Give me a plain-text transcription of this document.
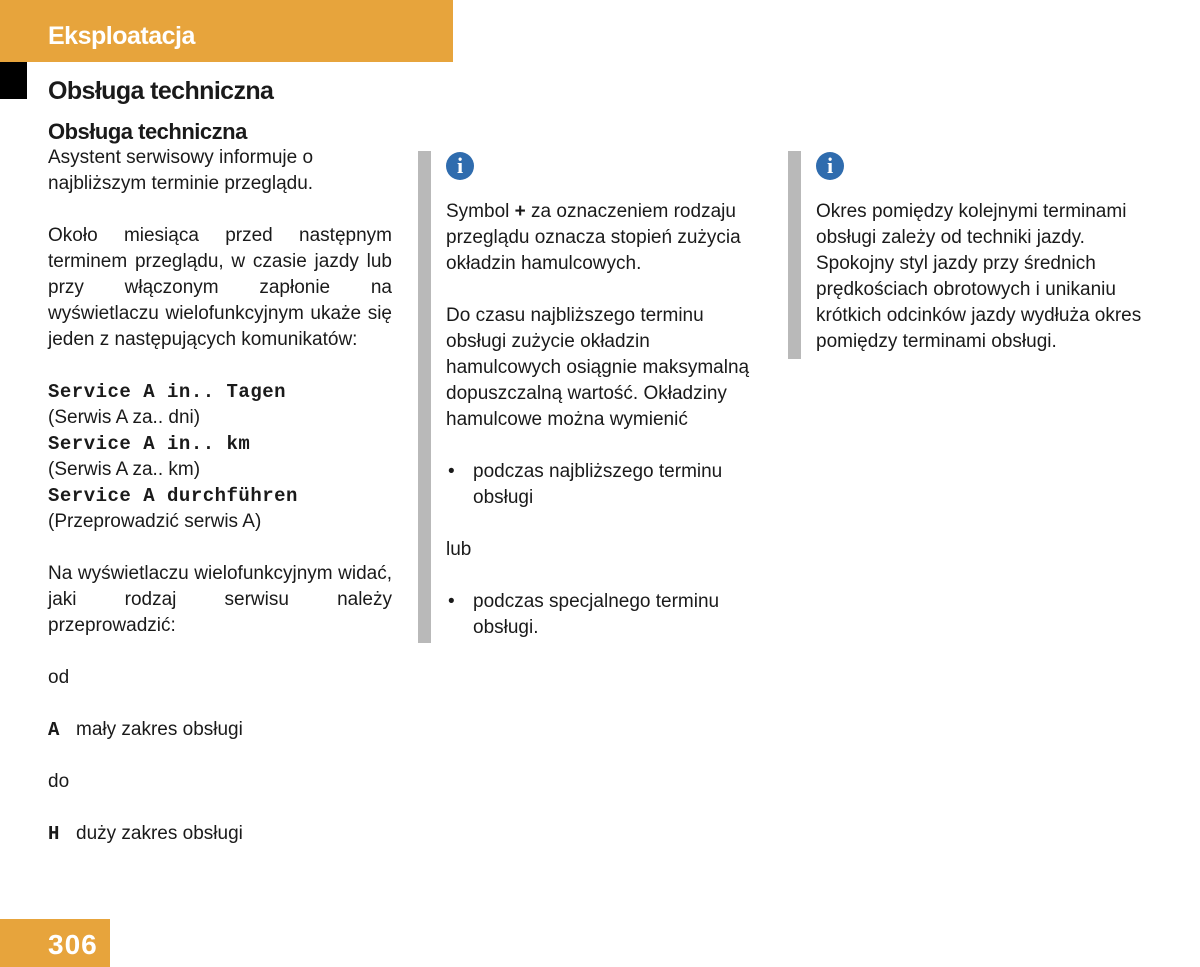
Eksploatacja
Obsługa techniczna

Obsługa techniczna

Asystent serwisowy informuje o najbliższym terminie przeglądu.

Około miesiąca przed następnym terminem przeglądu, w czasie jazdy lub przy włączonym zapłonie na wyświetlaczu wielofunkcyjnym ukaże się jeden z następujących komunikatów:

Service A in.. Tagen

(Serwis A za.. dni)

Service A in.. km

(Serwis A za.. km)

Service A durchführen

(Przeprowadzić serwis A)

Na wyświetlaczu wielofunkcyjnym widać, jaki rodzaj serwisu należy przeprowadzić:

od

A mały zakres obsługi

do

H duży zakres obsługi
i

Symbol + za oznaczeniem rodzaju przeglądu oznacza stopień zużycia okładzin hamulcowych.

Do czasu najbliższego terminu obsługi zużycie okładzin hamulcowych osiągnie maksymalną dopuszczalną wartość. Okładziny hamulcowe można wymienić

• podczas najbliższego terminu obsługi

lub

• podczas specjalnego terminu obsługi.
i

Okres pomiędzy kolejnymi terminami obsługi zależy od techniki jazdy. Spokojny styl jazdy przy średnich prędkościach obrotowych i unikaniu krótkich odcinków jazdy wydłuża okres pomiędzy terminami obsługi.

306
